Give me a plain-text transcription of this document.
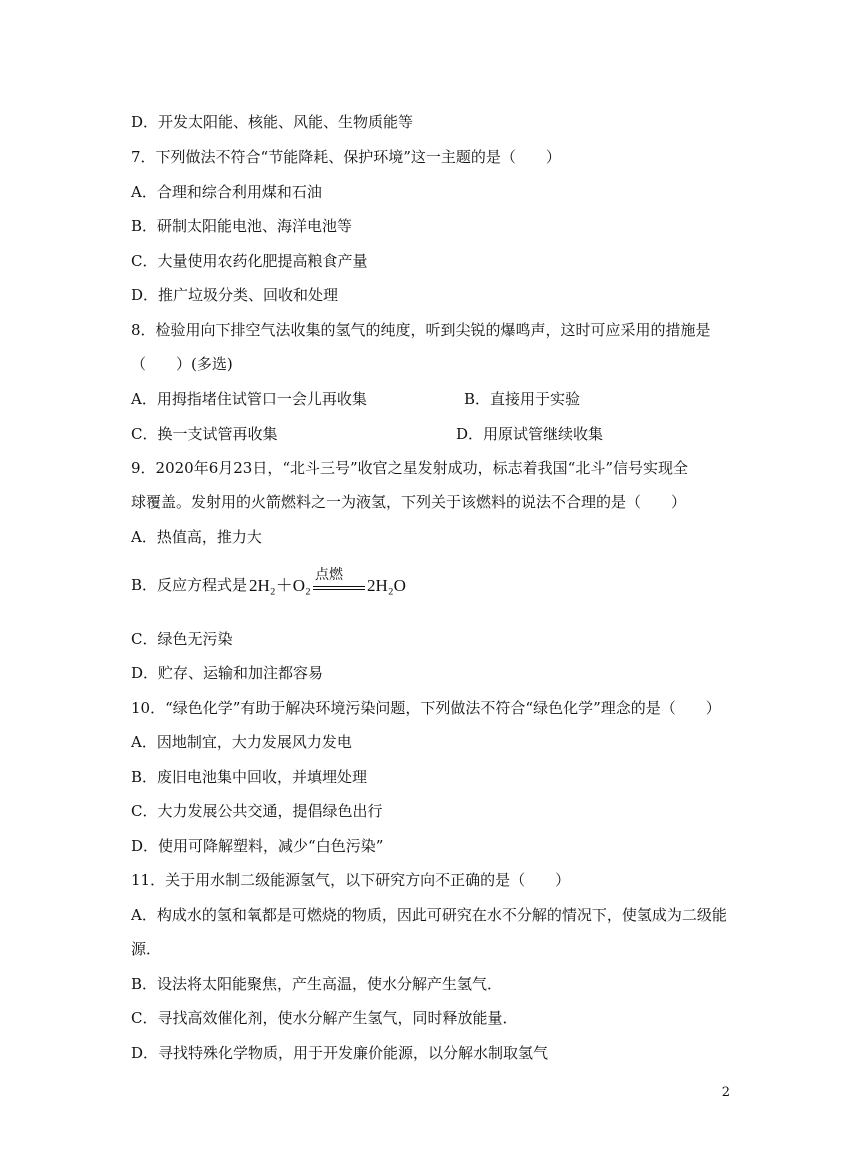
D．开发太阳能、核能、风能、生物质能等
7．下列做法不符合“节能降耗、保护环境”这一主题的是（　　）
A．合理和综合利用煤和石油
B．研制太阳能电池、海洋电池等
C．大量使用农药化肥提高粮食产量
D．推广垃圾分类、回收和处理
8．检验用向下排空气法收集的氢气的纯度，听到尖锐的爆鸣声，这时可应采用的措施是
（　　）(多选)
A．用拇指堵住试管口一会儿再收集	B．直接用于实验
C．换一支试管再收集	D．用原试管继续收集
9．2020年6月23日，“北斗三号”收官之星发射成功，标志着我国“北斗”信号实现全
球覆盖。发射用的火箭燃料之一为液氢，下列关于该燃料的说法不合理的是（　　）
A．热值高，推力大
B．反应方程式是 2H₂＋O₂
点燃
2H₂O
C．绿色无污染
D．贮存、运输和加注都容易
10．“绿色化学”有助于解决环境污染问题，下列做法不符合“绿色化学”理念的是（　　）
A．因地制宜，大力发展风力发电
B．废旧电池集中回收，并填埋处理
C．大力发展公共交通，提倡绿色出行
D．使用可降解塑料，减少“白色污染”
11．关于用水制二级能源氢气，以下研究方向不正确的是（　　）
A．构成水的氢和氧都是可燃烧的物质，因此可研究在水不分解的情况下，使氢成为二级能
源．
B．设法将太阳能聚焦，产生高温，使水分解产生氢气．
C．寻找高效催化剂，使水分解产生氢气，同时释放能量．
D．寻找特殊化学物质，用于开发廉价能源，以分解水制取氢气
2
